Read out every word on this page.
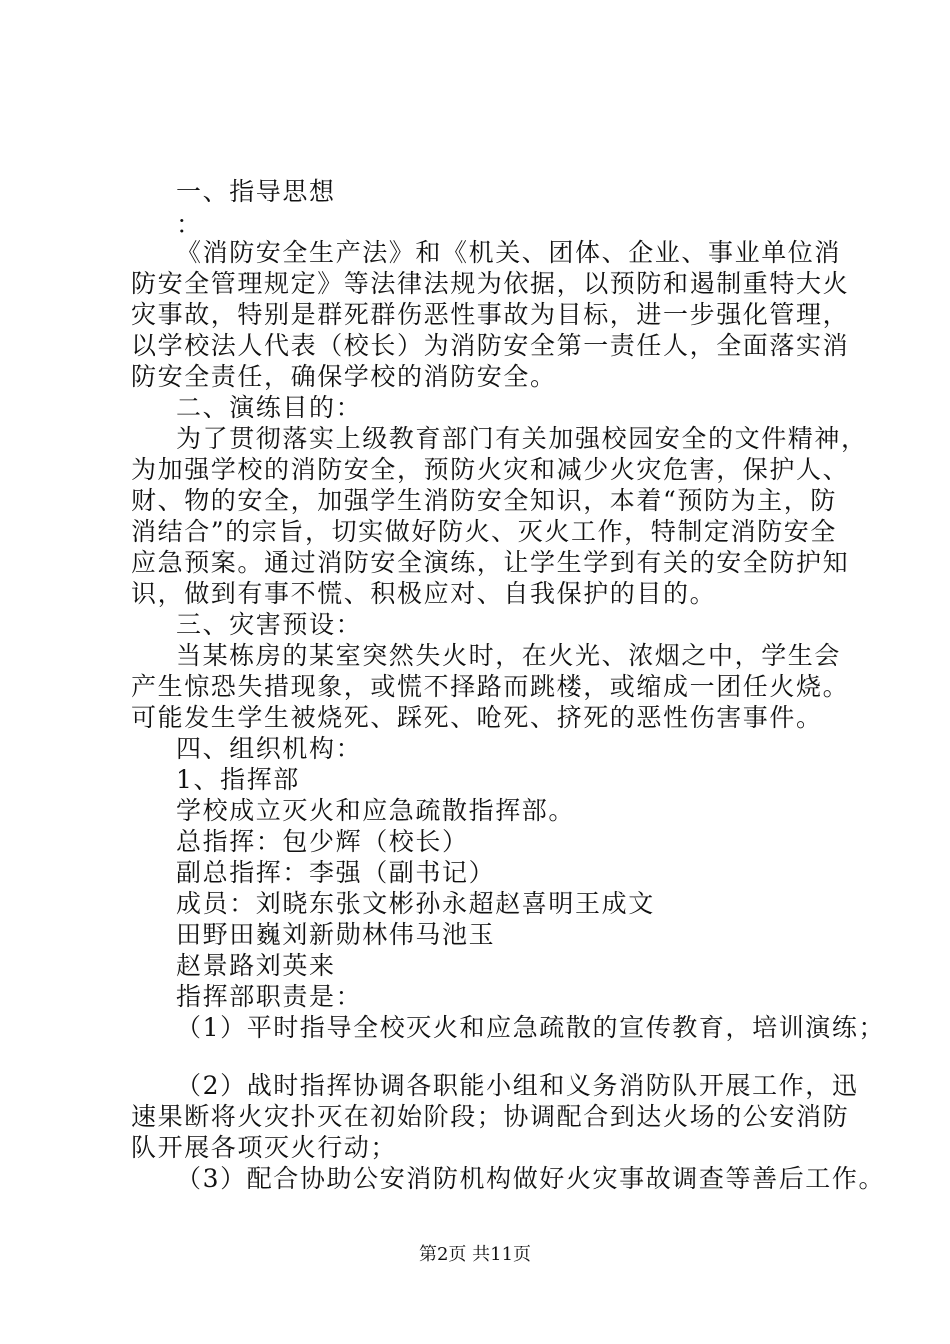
一、指导思想
：
《消防安全生产法》和《机关、团体、企业、事业单位消
防安全管理规定》等法律法规为依据，以预防和遏制重特大火
灾事故，特别是群死群伤恶性事故为目标，进一步强化管理，
以学校法人代表（校长）为消防安全第一责任人，全面落实消
防安全责任，确保学校的消防安全。
二、演练目的：
为了贯彻落实上级教育部门有关加强校园安全的文件精神，
为加强学校的消防安全，预防火灾和减少火灾危害，保护人、
财、物的安全，加强学生消防安全知识，本着“预防为主，防
消结合”的宗旨，切实做好防火、灭火工作，特制定消防安全
应急预案。通过消防安全演练，让学生学到有关的安全防护知
识，做到有事不慌、积极应对、自我保护的目的。
三、灾害预设：
当某栋房的某室突然失火时，在火光、浓烟之中，学生会
产生惊恐失措现象，或慌不择路而跳楼，或缩成一团任火烧。
可能发生学生被烧死、踩死、呛死、挤死的恶性伤害事件。
四、组织机构：
1、指挥部
学校成立灭火和应急疏散指挥部。
总指挥：包少辉（校长）
副总指挥：李强（副书记）
成员：刘晓东张文彬孙永超赵喜明王成文
田野田巍刘新勋林伟马池玉
赵景路刘英来
指挥部职责是：
（1）平时指导全校灭火和应急疏散的宣传教育，培训演练；
（2）战时指挥协调各职能小组和义务消防队开展工作，迅
速果断将火灾扑灭在初始阶段；协调配合到达火场的公安消防
队开展各项灭火行动；
（3）配合协助公安消防机构做好火灾事故调查等善后工作。
第2页 共11页
